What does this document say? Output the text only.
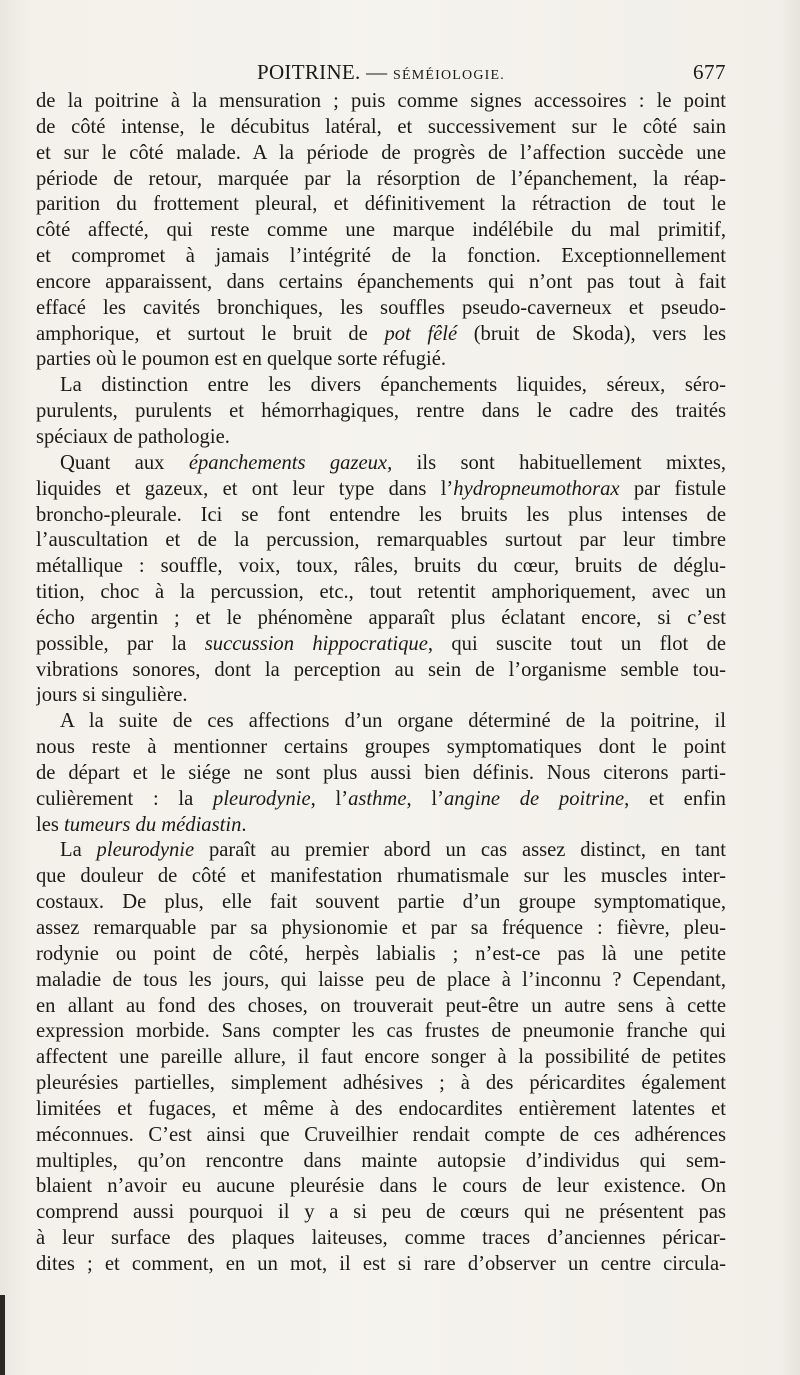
POITRINE. — SÉMÉIOLOGIE.	677
de la poitrine à la mensuration ; puis comme signes accessoires : le point
de côté intense, le décubitus latéral, et successivement sur le côté sain
et sur le côté malade. A la période de progrès de l’affection succède une
période de retour, marquée par la résorption de l’épanchement, la réap-
parition du frottement pleural, et définitivement la rétraction de tout le
côté affecté, qui reste comme une marque indélébile du mal primitif,
et compromet à jamais l’intégrité de la fonction. Exceptionnellement
encore apparaissent, dans certains épanchements qui n’ont pas tout à fait
effacé les cavités bronchiques, les souffles pseudo-caverneux et pseudo-
amphorique, et surtout le bruit de pot fêlé (bruit de Skoda), vers les
parties où le poumon est en quelque sorte réfugié.
La distinction entre les divers épanchements liquides, séreux, séro-
purulents, purulents et hémorrhagiques, rentre dans le cadre des traités
spéciaux de pathologie.
Quant aux épanchements gazeux, ils sont habituellement mixtes,
liquides et gazeux, et ont leur type dans l’hydropneumothorax par fistule
broncho-pleurale. Ici se font entendre les bruits les plus intenses de
l’auscultation et de la percussion, remarquables surtout par leur timbre
métallique : souffle, voix, toux, râles, bruits du cœur, bruits de déglu-
tition, choc à la percussion, etc., tout retentit amphoriquement, avec un
écho argentin ; et le phénomène apparaît plus éclatant encore, si c’est
possible, par la succussion hippocratique, qui suscite tout un flot de
vibrations sonores, dont la perception au sein de l’organisme semble tou-
jours si singulière.
A la suite de ces affections d’un organe déterminé de la poitrine, il
nous reste à mentionner certains groupes symptomatiques dont le point
de départ et le siége ne sont plus aussi bien définis. Nous citerons parti-
culièrement : la pleurodynie, l’asthme, l’angine de poitrine, et enfin
les tumeurs du médiastin.
La pleurodynie paraît au premier abord un cas assez distinct, en tant
que douleur de côté et manifestation rhumatismale sur les muscles inter-
costaux. De plus, elle fait souvent partie d’un groupe symptomatique,
assez remarquable par sa physionomie et par sa fréquence : fièvre, pleu-
rodynie ou point de côté, herpès labialis ; n’est-ce pas là une petite
maladie de tous les jours, qui laisse peu de place à l’inconnu ? Cependant,
en allant au fond des choses, on trouverait peut-être un autre sens à cette
expression morbide. Sans compter les cas frustes de pneumonie franche qui
affectent une pareille allure, il faut encore songer à la possibilité de petites
pleurésies partielles, simplement adhésives ; à des péricardites également
limitées et fugaces, et même à des endocardites entièrement latentes et
méconnues. C’est ainsi que Cruveilhier rendait compte de ces adhérences
multiples, qu’on rencontre dans mainte autopsie d’individus qui sem-
blaient n’avoir eu aucune pleurésie dans le cours de leur existence. On
comprend aussi pourquoi il y a si peu de cœurs qui ne présentent pas
à leur surface des plaques laiteuses, comme traces d’anciennes péricar-
dites ; et comment, en un mot, il est si rare d’observer un centre circula-
